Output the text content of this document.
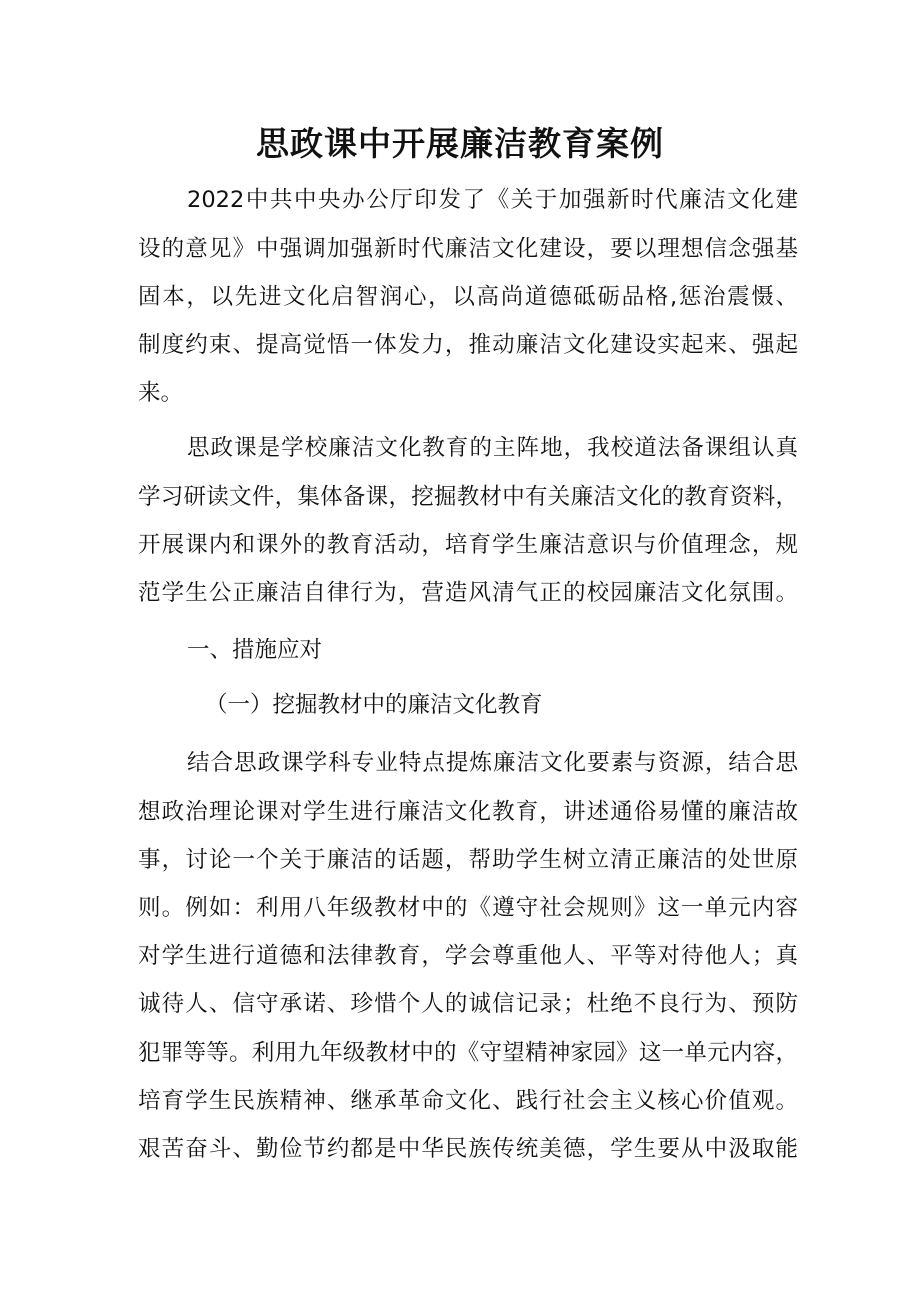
思政课中开展廉洁教育案例

2022中共中央办公厅印发了《关于加强新时代廉洁文化建

设的意见》中强调加强新时代廉洁文化建设，要以理想信念强基

固本，以先进文化启智润心，以高尚道德砥砺品格,惩治震慑、

制度约束、提高觉悟一体发力，推动廉洁文化建设实起来、强起

来。

思政课是学校廉洁文化教育的主阵地，我校道法备课组认真

学习研读文件，集体备课，挖掘教材中有关廉洁文化的教育资料，

开展课内和课外的教育活动，培育学生廉洁意识与价值理念，规

范学生公正廉洁自律行为，营造风清气正的校园廉洁文化氛围。

一、措施应对

（一）挖掘教材中的廉洁文化教育

结合思政课学科专业特点提炼廉洁文化要素与资源，结合思

想政治理论课对学生进行廉洁文化教育，讲述通俗易懂的廉洁故

事，讨论一个关于廉洁的话题，帮助学生树立清正廉洁的处世原

则。例如：利用八年级教材中的《遵守社会规则》这一单元内容

对学生进行道德和法律教育，学会尊重他人、平等对待他人；真

诚待人、信守承诺、珍惜个人的诚信记录；杜绝不良行为、预防

犯罪等等。利用九年级教材中的《守望精神家园》这一单元内容，

培育学生民族精神、继承革命文化、践行社会主义核心价值观。

艰苦奋斗、勤俭节约都是中华民族传统美德，学生要从中汲取能
